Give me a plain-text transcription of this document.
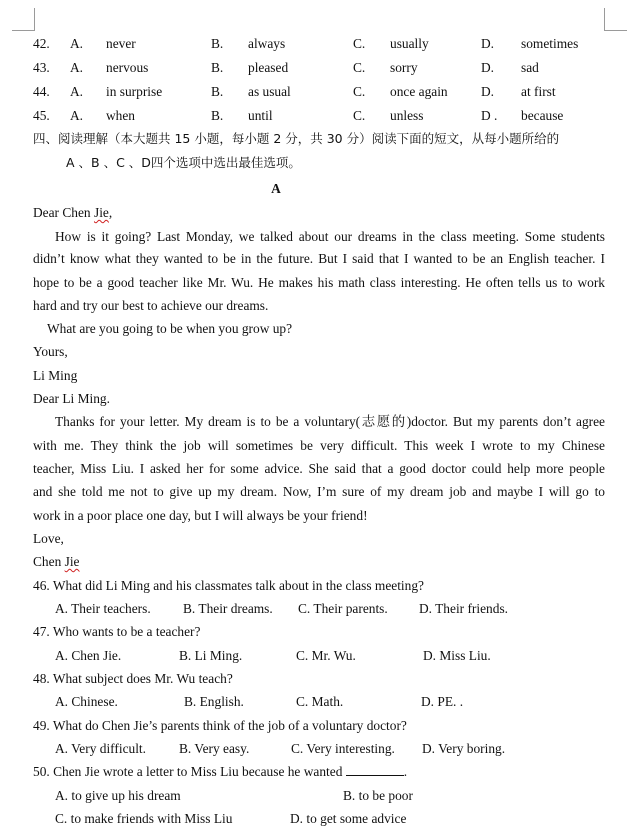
42. A. never	B. always	C. usually	D. sometimes
43. A. nervous	B. pleased	C. sorry	D. sad
44. A. in surprise	B. as usual	C. once again D. at first
45. A. when	B. until	C. unless	D . because
四、阅读理解（本大题共 15 小题，每小题 2 分，共 30 分）阅读下面的短文，从每小题所给的
A 、B 、C 、D四个选项中选出最佳选项。
A
Dear Chen Jie,
How is it going? Last Monday, we talked about our dreams in the class meeting. Some students
didn’t know what they wanted to be in the future. But I said that I wanted to be an English teacher. I
hope to be a good teacher like Mr. Wu. He makes his math class interesting. He often tells us to work
hard and try our best to achieve our dreams.
What are you going to be when you grow up?
Yours,
Li Ming
Dear Li Ming.
Thanks for your letter. My dream is to be a voluntary(志愿的)doctor. But my parents don’t agree
with me. They think the job will sometimes be very difficult. This week I wrote to my Chinese
teacher, Miss Liu. I asked her for some advice. She said that a good doctor could help more people
and she told me not to give up my dream. Now, I’m sure of my dream job and maybe I will go to
work in a poor place one day, but I will always be your friend!
Love,
Chen Jie
46. What did Li Ming and his classmates talk about in the class meeting?
A. Their teachers. B. Their dreams. C. Their parents. D. Their friends.
47. Who wants to be a teacher?
A. Chen Jie.	B. Li Ming.	C. Mr. Wu.	D. Miss Liu.
48. What subject does Mr. Wu teach?
A. Chinese.	B. English.	C. Math.	D. PE. .
49. What do Chen Jie’s parents think of the job of a voluntary doctor?
A. Very difficult. B. Very easy.	C. Very interesting. D. Very boring.
50. Chen Jie wrote a letter to Miss Liu because he wanted	.
A. to give up his dream	B. to be poor
C. to make friends with Miss Liu	D. to get some advice
